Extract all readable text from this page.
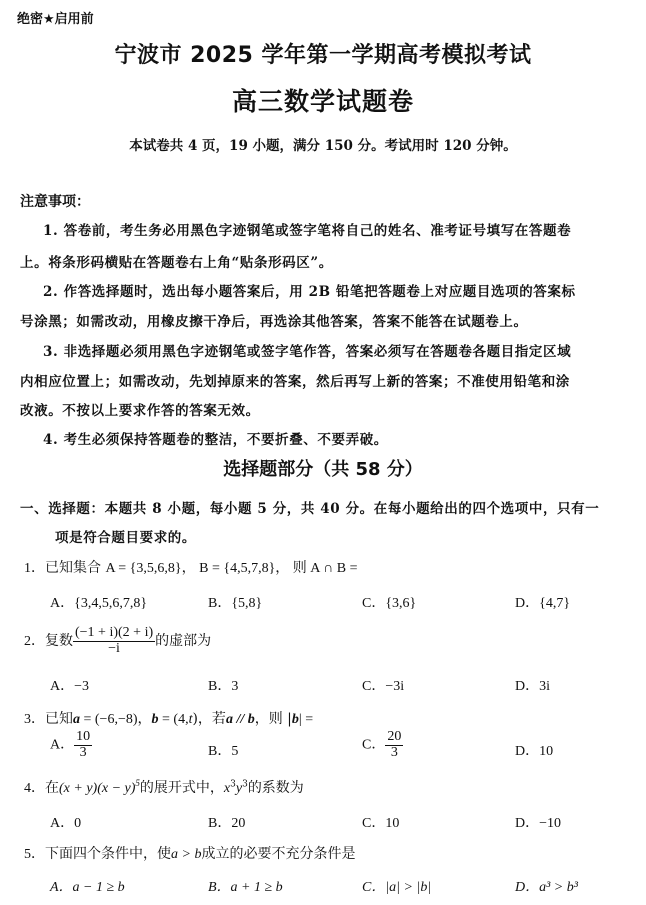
绝密★启用前
宁波市 2025 学年第一学期高考模拟考试
高三数学试题卷
本试卷共 4 页，19 小题，满分 150 分。考试用时 120 分钟。
注意事项：
1. 答卷前，考生务必用黑色字迹钢笔或签字笔将自己的姓名、准考证号填写在答题卷
上。将条形码横贴在答题卷右上角“贴条形码区”。
2. 作答选择题时，选出每小题答案后，用 2B 铅笔把答题卷上对应题目选项的答案标
号涂黑；如需改动，用橡皮擦干净后，再选涂其他答案，答案不能答在试题卷上。
3. 非选择题必须用黑色字迹钢笔或签字笔作答，答案必须写在答题卷各题目指定区域
内相应位置上；如需改动，先划掉原来的答案，然后再写上新的答案；不准使用铅笔和涂
改液。不按以上要求作答的答案无效。
4. 考生必须保持答题卷的整洁，不要折叠、不要弄破。
选择题部分（共 58 分）
一、选择题：本题共 8 小题，每小题 5 分，共 40 分。在每小题给出的四个选项中，只有一
项是符合题目要求的。
1．已知集合 A = {3,5,6,8}， B = {4,5,7,8}， 则 A ∩ B =
A．{3,4,5,6,7,8}	B．{5,8}	C．{3,6}	D．{4,7}
2．复数 $\frac{(-1 + i)(2 + i)}{-i}$ 的虚部为
A．−3	B．3	C．−3i	D．3i
3．已知a = (−6,−8)，b = (4,t)，若a // b，则 |b| =
A． $\frac{10}{3}$	B．5	C． $\frac{20}{3}$	D．10
4．在$(x + y)(x - y)^5$的展开式中，$x^3y^3$的系数为
A．0	B．20	C．10	D．−10
5．下面四个条件中，使a > b成立的必要不充分条件是
A．a − 1 ≥ b	B．a + 1 ≥ b	C．|a| > |b|	D．a³ > b³
